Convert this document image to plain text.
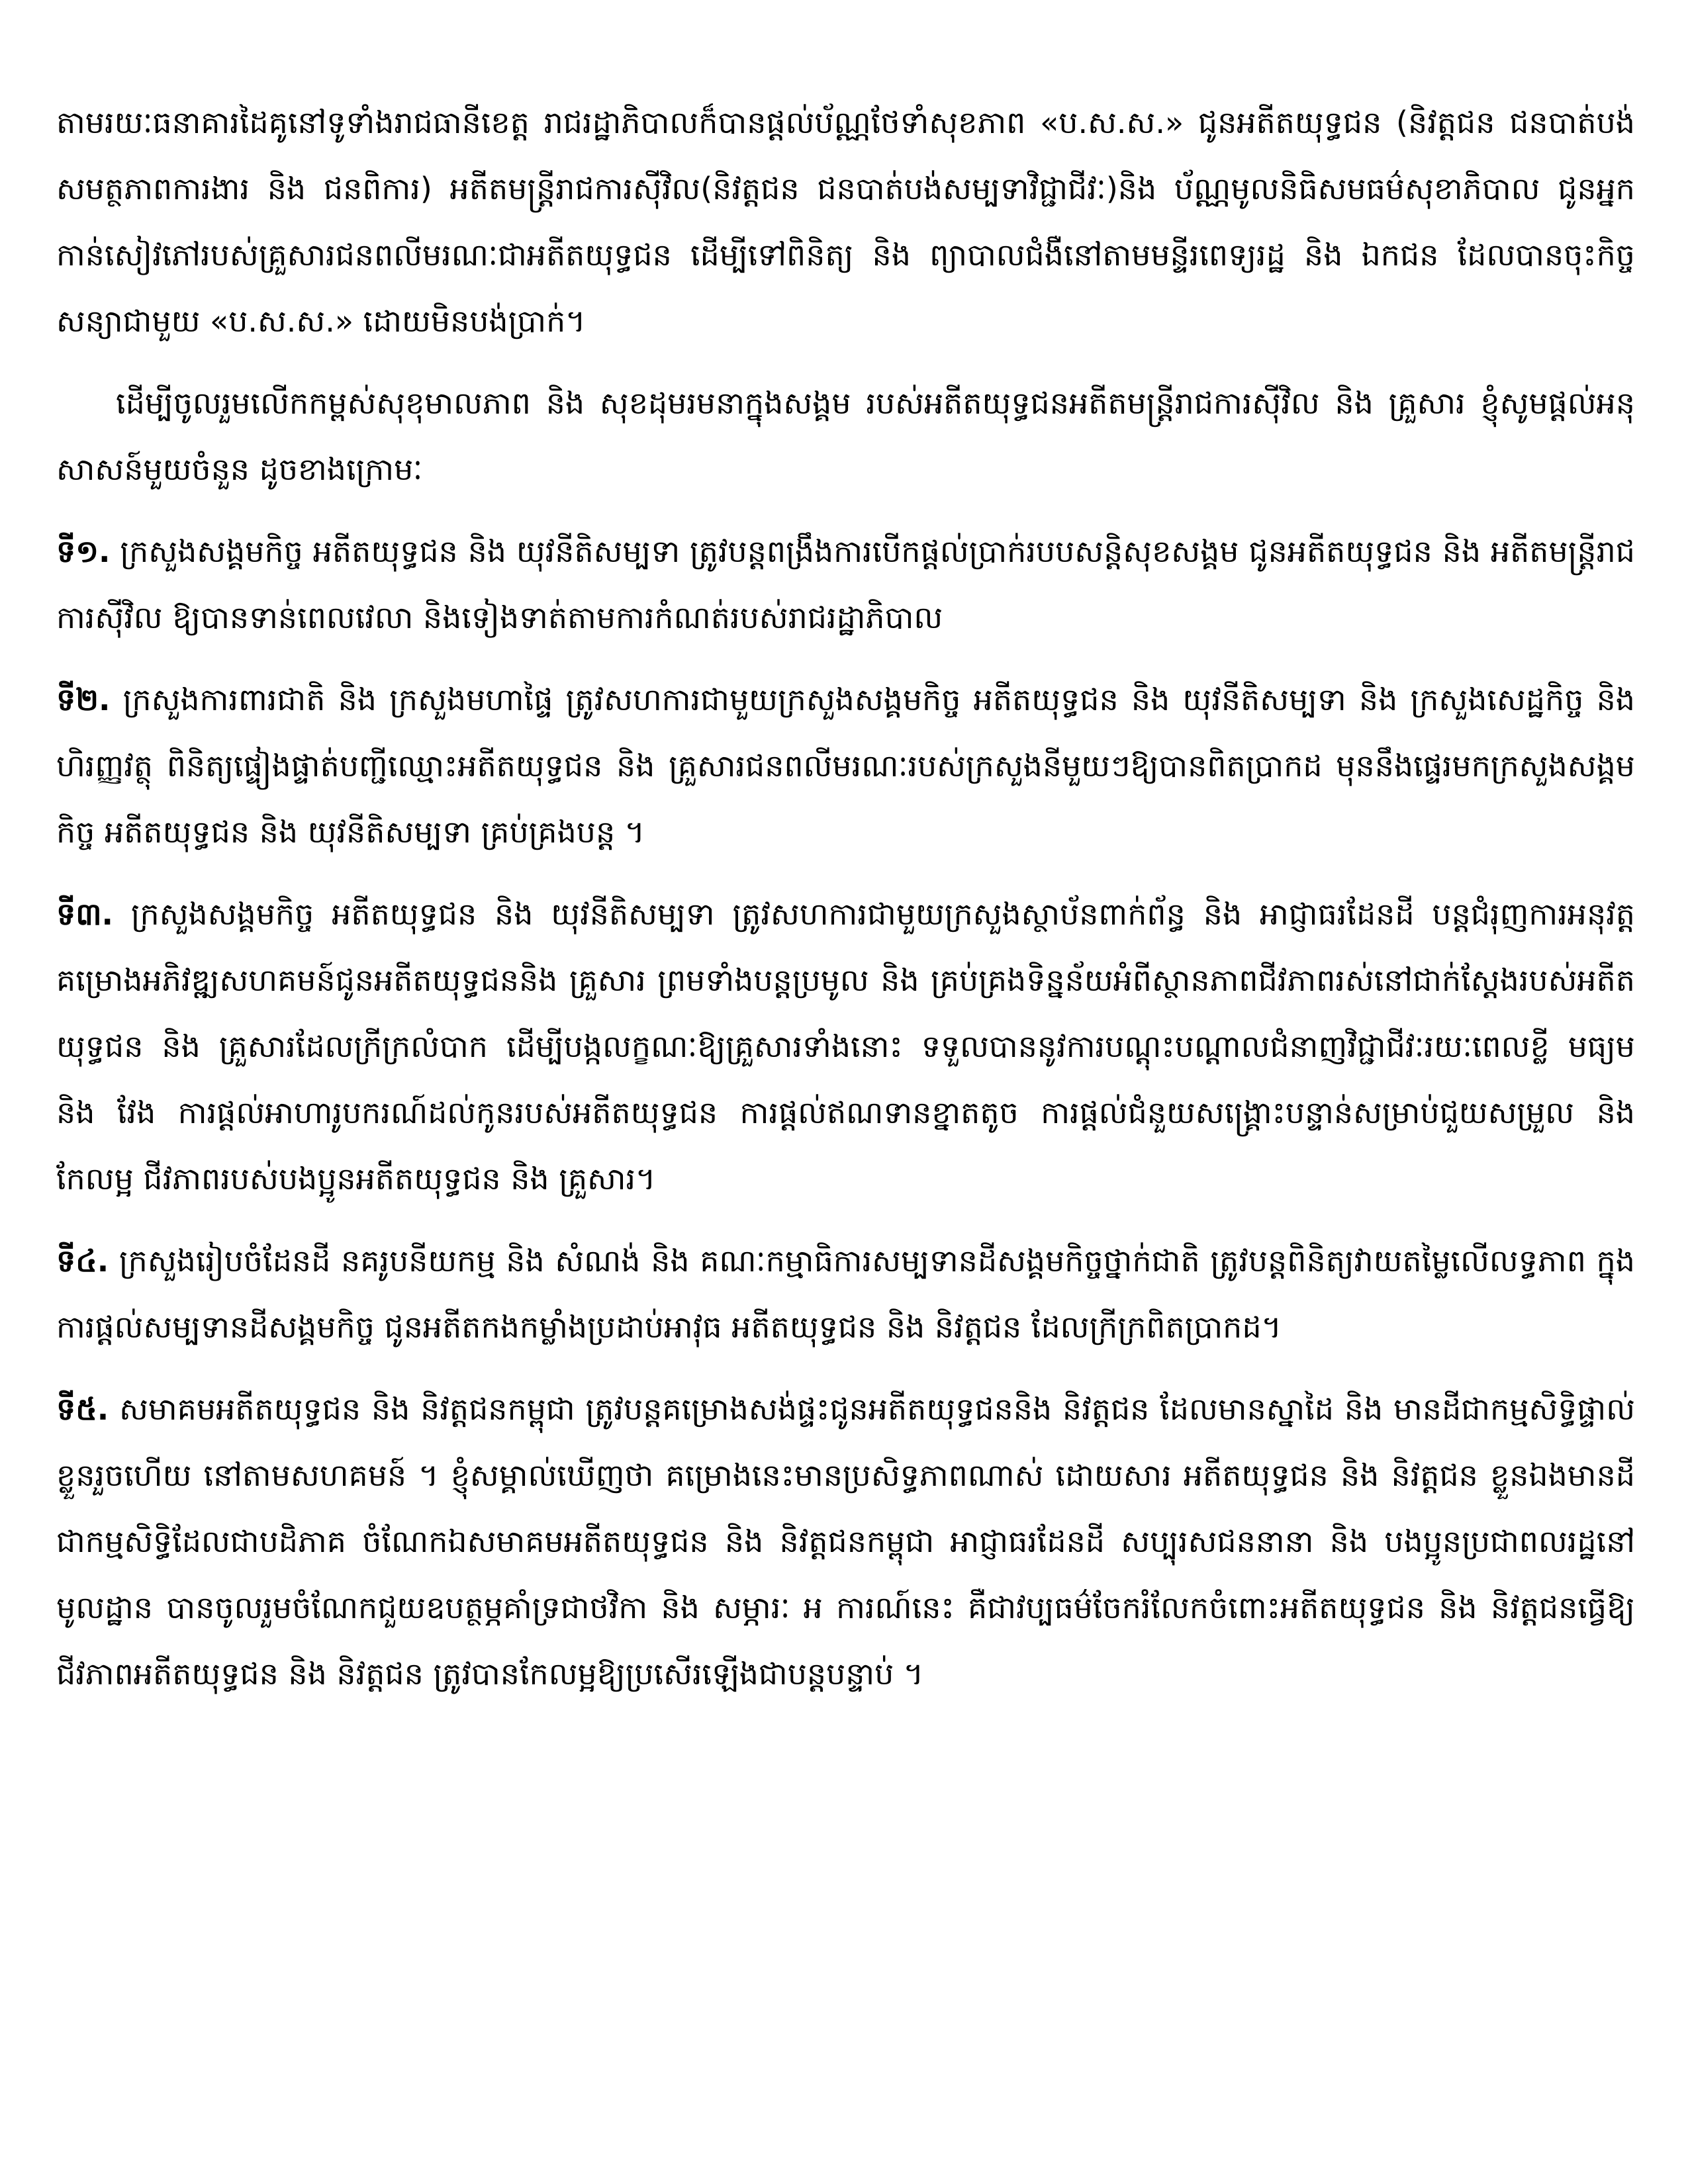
តាមរយៈធនាគារដៃគូនៅទូទាំងរាជធានីខេត្ត រាជរដ្ឋាភិបាលក៏បានផ្តល់ប័ណ្ណថែទាំសុខភាព «ប.ស.ស.» ជូនអតីតយុទ្ធជន (និវត្តជន ជនបាត់បង់សមត្ថភាពការងារ និង ជនពិការ) អតីតមន្រ្តីរាជការស៊ីវិល(និវត្តជន ជនបាត់បង់សម្បទាវិជ្ជាជីវៈ)និង ប័ណ្ណមូលនិធិសមធម៌សុខាភិបាល ជូនអ្នកកាន់សៀវភៅរបស់គ្រួសារជនពលីមរណៈជាអតីតយុទ្ធជន ដើម្បីទៅពិនិត្យ និង ព្យាបាលជំងឺនៅតាមមន្ទីរពេទ្យរដ្ឋ និង ឯកជន ដែលបានចុះកិច្ចសន្យាជាមួយ «ប.ស.ស.» ដោយមិនបង់ប្រាក់។

ដើម្បីចូលរួមលើកកម្ពស់សុខុមាលភាព និង សុខដុមរមនាក្នុងសង្គម របស់អតីតយុទ្ធជនអតីតមន្រ្តីរាជការស៊ីវិល និង គ្រួសារ ខ្ញុំសូមផ្តល់អនុសាសន៍មួយចំនួន ដូចខាងក្រោមៈ

ទី១. ក្រសួងសង្គមកិច្ច អតីតយុទ្ធជន និង យុវនីតិសម្បទា ត្រូវបន្តពង្រឹងការបើកផ្តល់ប្រាក់របបសន្តិសុខសង្គម ជូនអតីតយុទ្ធជន និង អតីតមន្រ្តីរាជការស៊ីវិល ឱ្យបានទាន់ពេលវេលា និងទៀងទាត់តាមការកំណត់របស់រាជរដ្ឋាភិបាល

ទី២. ក្រសួងការពារជាតិ និង ក្រសួងមហាផ្ទៃ ត្រូវសហការជាមួយក្រសួងសង្គមកិច្ច អតីតយុទ្ធជន និង យុវនីតិសម្បទា និង ក្រសួងសេដ្ឋកិច្ច និង ហិរញ្ញវត្ថុ ពិនិត្យផ្ទៀងផ្ទាត់បញ្ជីឈ្មោះអតីតយុទ្ធជន និង គ្រួសារជនពលីមរណៈរបស់ក្រសួងនីមួយៗឱ្យបានពិតប្រាកដ មុននឹងផ្ទេរមកក្រសួងសង្គមកិច្ច អតីតយុទ្ធជន និង យុវនីតិសម្បទា គ្រប់គ្រងបន្ត ។

ទី៣. ក្រសួងសង្គមកិច្ច អតីតយុទ្ធជន និង យុវនីតិសម្បទា ត្រូវសហការជាមួយក្រសួងស្ថាប័នពាក់ព័ន្ធ និង អាជ្ញាធរដែនដី បន្តជំរុញការអនុវត្តគម្រោងអភិវឌ្ឍសហគមន៍ជូនអតីតយុទ្ធជននិង គ្រួសារ ព្រមទាំងបន្តប្រមូល និង គ្រប់គ្រងទិន្នន័យអំពីស្ថានភាពជីវភាពរស់នៅជាក់ស្តែងរបស់អតីតយុទ្ធជន និង គ្រួសារដែលក្រីក្រលំបាក ដើម្បីបង្កលក្ខណៈឱ្យគ្រួសារទាំងនោះ ទទួលបាននូវការបណ្តុះបណ្តាលជំនាញវិជ្ជាជីវៈរយៈពេលខ្លី មធ្យម និង វែង ការផ្តល់អាហារូបករណ៍ដល់កូនរបស់អតីតយុទ្ធជន ការផ្តល់ឥណទានខ្នាតតូច ការផ្តល់ជំនួយសង្រ្គោះបន្ទាន់សម្រាប់ជួយសម្រួល និង កែលម្អ ជីវភាពរបស់បងប្អូនអតីតយុទ្ធជន និង គ្រួសារ។

ទី៤. ក្រសួងរៀបចំដែនដី នគរូបនីយកម្ម និង សំណង់ និង គណៈកម្មាធិការសម្បទានដីសង្គមកិច្ចថ្នាក់ជាតិ ត្រូវបន្តពិនិត្យវាយតម្លៃលើលទ្ធភាព ក្នុងការផ្តល់សម្បទានដីសង្គមកិច្ច ជូនអតីតកងកម្លាំងប្រដាប់អាវុធ អតីតយុទ្ធជន និង និវត្តជន ដែលក្រីក្រពិតប្រាកដ។

ទី៥. សមាគមអតីតយុទ្ធជន និង និវត្តជនកម្ពុជា ត្រូវបន្តគម្រោងសង់ផ្ទះជូនអតីតយុទ្ធជននិង និវត្តជន ដែលមានស្នាដៃ និង មានដីជាកម្មសិទ្ធិផ្ទាល់ខ្លួនរួចហើយ នៅតាមសហគមន៍ ។ ខ្ញុំសម្គាល់ឃើញថា គម្រោងនេះមានប្រសិទ្ធភាពណាស់ ដោយសារ អតីតយុទ្ធជន និង និវត្តជន ខ្លួនឯងមានដីជាកម្មសិទ្ធិដែលជាបដិភាគ ចំណែកឯសមាគមអតីតយុទ្ធជន និង និវត្តជនកម្ពុជា អាជ្ញាធរដែនដី សប្បុរសជននានា និង បងប្អូនប្រជាពលរដ្ឋនៅមូលដ្ឋាន បានចូលរួមចំណែកជួយឧបត្ថម្ភគាំទ្រជាថវិកា និង សម្ភារៈ អ ការណ៍នេះ គឺជាវប្បធម៌ចែករំលែកចំពោះអតីតយុទ្ធជន និង និវត្តជនធ្វើឱ្យជីវភាពអតីតយុទ្ធជន និង និវត្តជន ត្រូវបានកែលម្អឱ្យប្រសើរឡើងជាបន្តបន្ទាប់ ។
